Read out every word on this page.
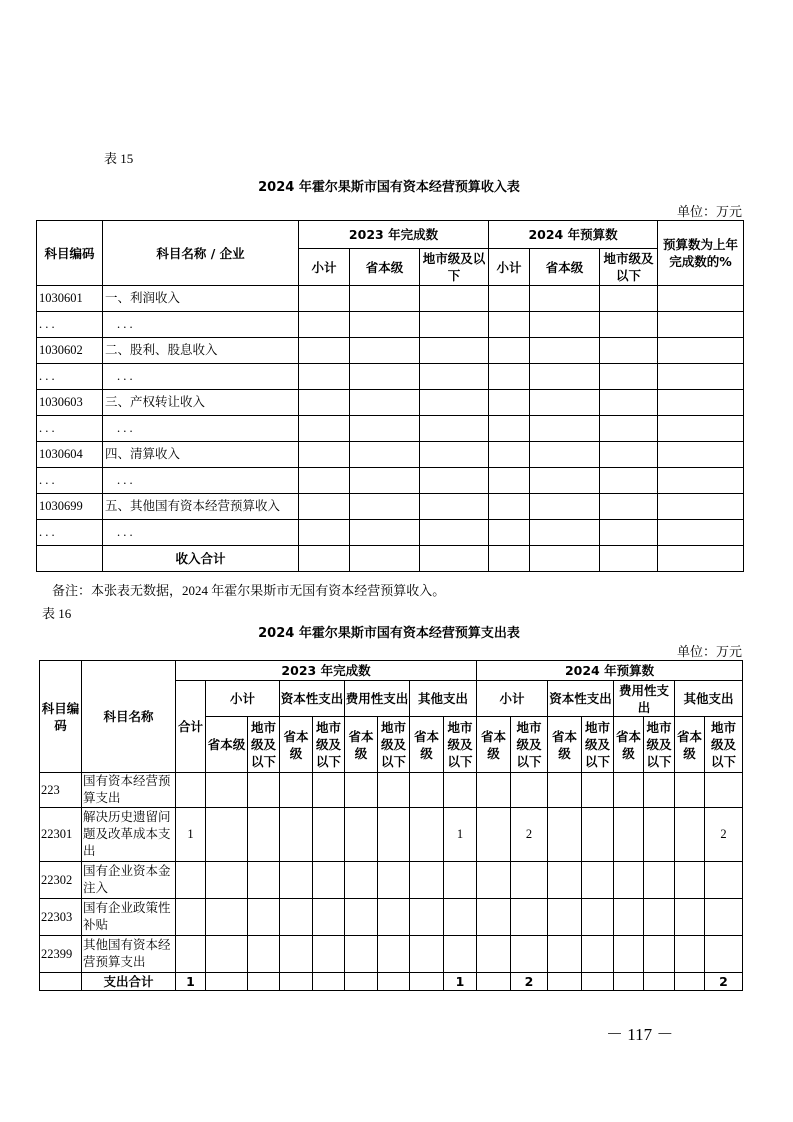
表 15
2024 年霍尔果斯市国有资本经营预算收入表
单位：万元
科目编码	科目名称 / 企业	2023 年完成数			2024 年预算数			预算数为上年完成数的%
		小计	省本级	地市级及以下	小计	省本级	地市级及以下	
1030601	一、利润收入							
. . .	. . .							
1030602	二、股利、股息收入							
. . .	. . .							
1030603	三、产权转让收入							
. . .	. . .							
1030604	四、清算收入							
. . .	. . .							
1030699	五、其他国有资本经营预算收入							
. . .	. . .							
	收入合计							
备注：本张表无数据，2024 年霍尔果斯市无国有资本经营预算收入。
表 16
2024 年霍尔果斯市国有资本经营预算支出表
单位：万元
科目编码	科目名称	2023 年完成数									2024 年预算数							
		合计	小计		资本性支出		费用性支出		其他支出		小计		资本性支出		费用性支出		其他支出	
			省本级	地市级及以下	省本级	地市级及以下	省本级	地市级及以下	省本级	地市级及以下	省本级	地市级及以下	省本级	地市级及以下	省本级	地市级及以下	省本级	地市级及以下
223	国有资本经营预算支出																	
22301	解决历史遗留问题及改革成本支出	1								1		2						2
22302	国有企业资本金注入																	
22303	国有企业政策性补贴																	
22399	其他国有资本经营预算支出																	
	支出合计	1								1		2						2
－ 117 －
